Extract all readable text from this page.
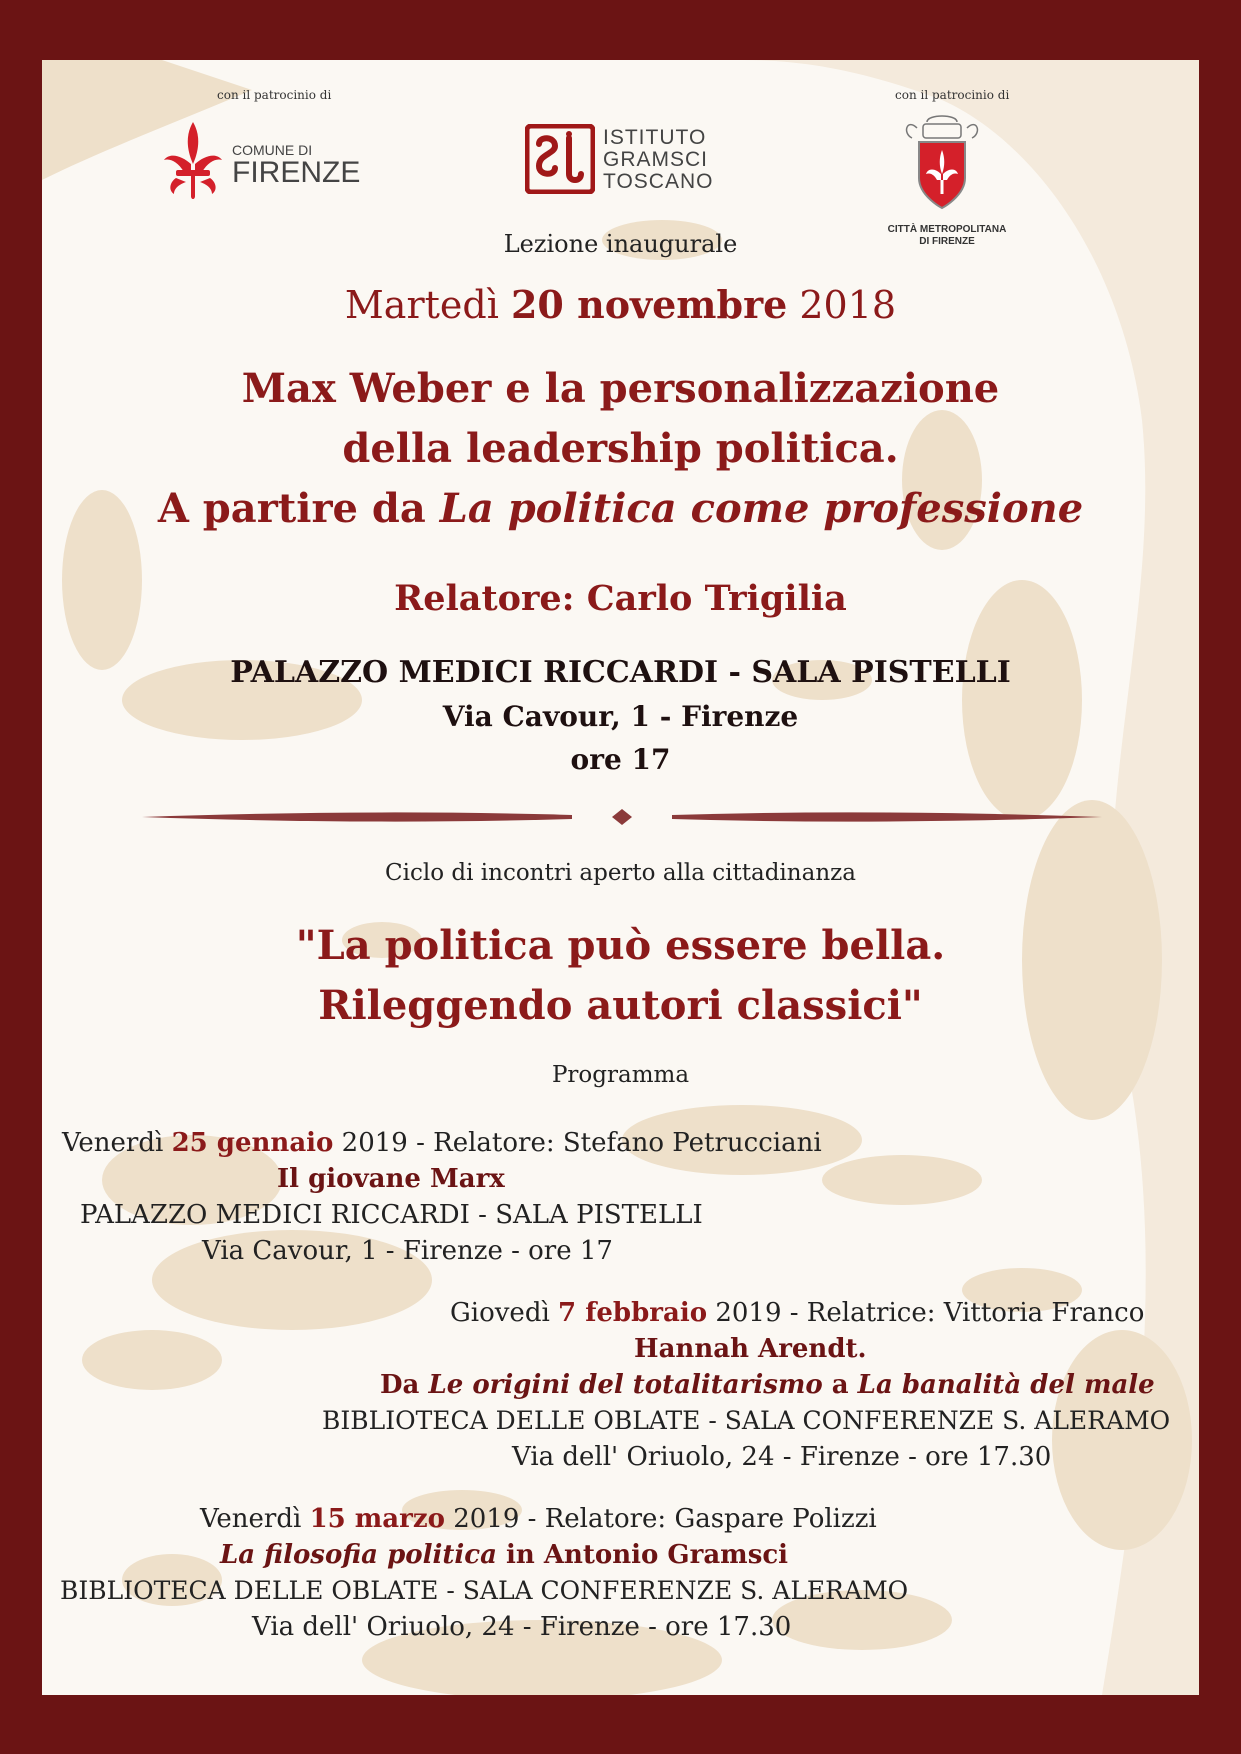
con il patrocinio di
COMUNE DI
FIRENZE
ISTITUTO
GRAMSCI
TOSCANO
con il patrocinio di
CITTÀ METROPOLITANA
DI FIRENZE
Lezione inaugurale
Martedì 20 novembre 2018
Max Weber e la personalizzazione
della leadership politica.
A partire da La politica come professione
Relatore: Carlo Trigilia
PALAZZO MEDICI RICCARDI - SALA PISTELLI
Via Cavour, 1 - Firenze
ore 17
Ciclo di incontri aperto alla cittadinanza
"La politica può essere bella.
Rileggendo autori classici"
Programma
Venerdì 25 gennaio 2019 - Relatore: Stefano Petrucciani
Il giovane Marx
PALAZZO MEDICI RICCARDI - SALA PISTELLI
Via Cavour, 1 - Firenze - ore 17
Giovedì 7 febbraio 2019 - Relatrice: Vittoria Franco
Hannah Arendt.
Da Le origini del totalitarismo a La banalità del male
BIBLIOTECA DELLE OBLATE - SALA CONFERENZE S. ALERAMO
Via dell' Oriuolo, 24 - Firenze - ore 17.30
Venerdì 15 marzo 2019 - Relatore: Gaspare Polizzi
La filosofia politica in Antonio Gramsci
BIBLIOTECA DELLE OBLATE - SALA CONFERENZE S. ALERAMO
Via dell' Oriuolo, 24 - Firenze - ore 17.30
